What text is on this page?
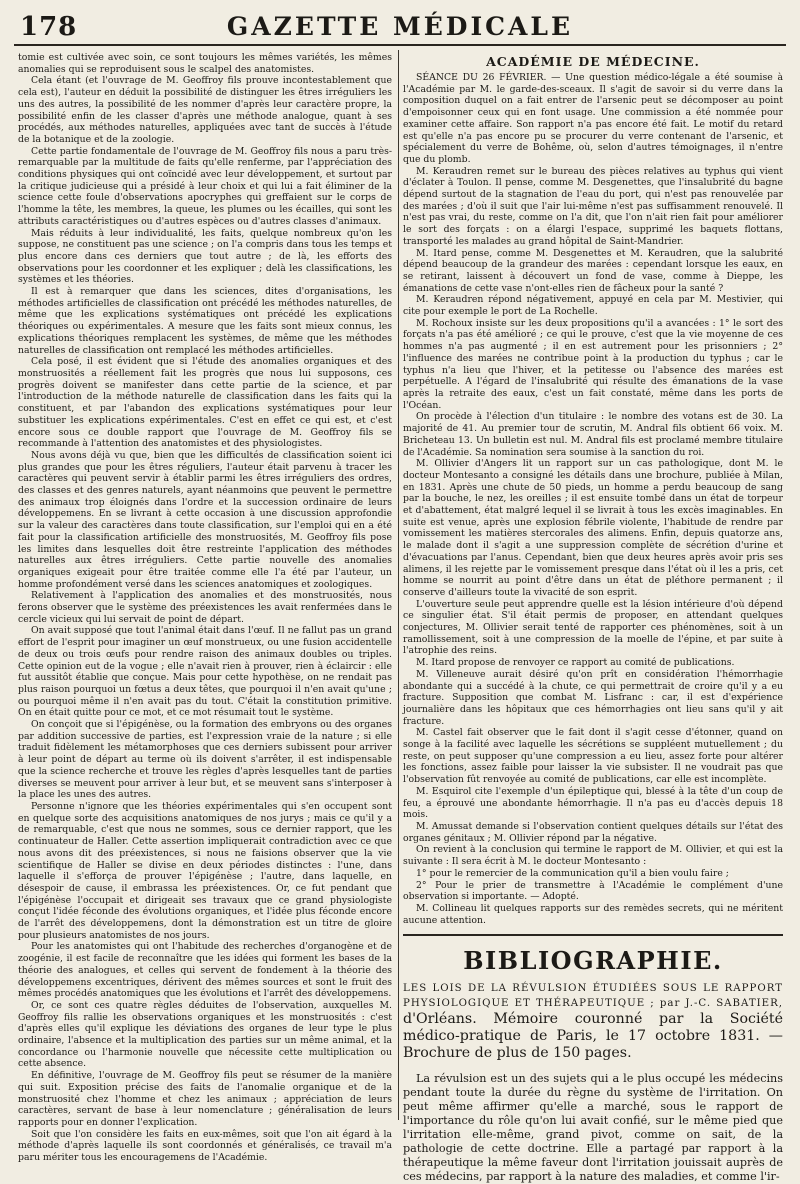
178	GAZETTE MÉDICALE

tomie est cultivée avec soin, ce sont toujours les mêmes variétés, les mêmes anomalies qui se reproduisent sous le scalpel des anatomistes.

Cela étant (et l'ouvrage de M. Geoffroy fils prouve incontestablement que cela est), l'auteur en déduit la possibilité de distinguer les êtres irréguliers les uns des autres, la possibilité de les nommer d'après leur caractère propre, la possibilité enfin de les classer d'après une méthode analogue, quant à ses procédés, aux méthodes naturelles, appliquées avec tant de succès à l'étude de la botanique et de la zoologie.

Cette partie fondamentale de l'ouvrage de M. Geoffroy fils nous a paru très-remarquable par la multitude de faits qu'elle renferme, par l'appréciation des conditions physiques qui ont coïncidé avec leur développement, et surtout par la critique judicieuse qui a présidé à leur choix et qui lui a fait éliminer de la science cette foule d'observations apocryphes qui greffaient sur le corps de l'homme la tête, les membres, la queue, les plumes ou les écailles, qui sont les attributs caractéristiques ou d'autres espèces ou d'autres classes d'animaux.

Mais réduits à leur individualité, les faits, quelque nombreux qu'on les suppose, ne constituent pas une science ; on l'a compris dans tous les temps et plus encore dans ces derniers que tout autre ; de là, les efforts des observations pour les coordonner et les expliquer ; delà les classifications, les systèmes et les théories.

Il est à remarquer que dans les sciences, dites d'organisations, les méthodes artificielles de classification ont précédé les méthodes naturelles, de même que les explications systématiques ont précédé les explications théoriques ou expérimentales. A mesure que les faits sont mieux connus, les explications théoriques remplacent les systèmes, de même que les méthodes naturelles de classification ont remplacé les méthodes artificielles.

Cela posé, il est évident que si l'étude des anomalies organiques et des monstruosités a réellement fait les progrès que nous lui supposons, ces progrès doivent se manifester dans cette partie de la science, et par l'introduction de la méthode naturelle de classification dans les faits qui la constituent, et par l'abandon des explications systématiques pour leur substituer les explications expérimentales. C'est en effet ce qui est, et c'est encore sous ce double rapport que l'ouvrage de M. Geoffroy fils se recommande à l'attention des anatomistes et des physiologistes.

Nous avons déjà vu que, bien que les difficultés de classification soient ici plus grandes que pour les êtres réguliers, l'auteur était parvenu à tracer les caractères qui peuvent servir à établir parmi les êtres irréguliers des ordres, des classes et des genres naturels, ayant néanmoins que peuvent le permettre des animaux trop éloignés dans l'ordre et la succession ordinaire de leurs développemens. En se livrant à cette occasion à une discussion approfondie sur la valeur des caractères dans toute classification, sur l'emploi qui en a été fait pour la classification artificielle des monstruosités, M. Geoffroy fils pose les limites dans lesquelles doit être restreinte l'application des méthodes naturelles aux êtres irréguliers. Cette partie nouvelle des anomalies organiques exigeait pour être traitée comme elle l'a été par l'auteur, un homme profondément versé dans les sciences anatomiques et zoologiques.

Relativement à l'application des anomalies et des monstruosités, nous ferons observer que le système des préexistences les avait renfermées dans le cercle vicieux qui lui servait de point de départ.

On avait supposé que tout l'animal était dans l'œuf. Il ne fallut pas un grand effort de l'esprit pour imaginer un œuf monstrueux, ou une fusion accidentelle de deux ou trois œufs pour rendre raison des animaux doubles ou triples. Cette opinion eut de la vogue ; elle n'avait rien à prouver, rien à éclaircir : elle fut aussitôt établie que conçue. Mais pour cette hypothèse, on ne rendait pas plus raison pourquoi un fœtus a deux têtes, que pourquoi il n'en avait qu'une ; ou pourquoi même il n'en avait pas du tout. C'était la constitution primitive. On en était quitte pour ce mot, et ce mot résumait tout le système.

On conçoit que si l'épigénèse, ou la formation des embryons ou des organes par addition successive de parties, est l'expression vraie de la nature ; si elle traduit fidèlement les métamorphoses que ces derniers subissent pour arriver à leur point de départ au terme où ils doivent s'arrêter, il est indispensable que la science recherche et trouve les règles d'après lesquelles tant de parties diverses se meuvent pour arriver à leur but, et se meuvent sans s'interposer à la place les unes des autres.

Personne n'ignore que les théories expérimentales qui s'en occupent sont en quelque sorte des acquisitions anatomiques de nos jurys ; mais ce qu'il y a de remarquable, c'est que nous ne sommes, sous ce dernier rapport, que les continuateur de Haller. Cette assertion impliquerait contradiction avec ce que nous avons dit des préexistences, si nous ne faisions observer que la vie scientifique de Haller se divise en deux périodes distinctes : l'une, dans laquelle il s'efforça de prouver l'épigénèse ; l'autre, dans laquelle, en désespoir de cause, il embrassa les préexistences. Or, ce fut pendant que l'épigénèse l'occupait et dirigeait ses travaux que ce grand physiologiste conçut l'idée féconde des évolutions organiques, et l'idée plus féconde encore de l'arrêt des développemens, dont la démonstration est un titre de gloire pour plusieurs anatomistes de nos jours.

Pour les anatomistes qui ont l'habitude des recherches d'organogène et de zoogénie, il est facile de reconnaître que les idées qui forment les bases de la théorie des analogues, et celles qui servent de fondement à la théorie des développemens excentriques, dérivent des mêmes sources et sont le fruit des mêmes procédés anatomiques que les évolutions et l'arrêt des développemens.

Or, ce sont ces quatre règles déduites de l'observation, auxquelles M. Geoffroy fils rallie les observations organiques et les monstruosités : c'est d'après elles qu'il explique les déviations des organes de leur type le plus ordinaire, l'absence et la multiplication des parties sur un même animal, et la concordance ou l'harmonie nouvelle que nécessite cette multiplication ou cette absence.

En définitive, l'ouvrage de M. Geoffroy fils peut se résumer de la manière qui suit. Exposition précise des faits de l'anomalie organique et de la monstruosité chez l'homme et chez les animaux ; appréciation de leurs caractères, servant de base à leur nomenclature ; généralisation de leurs rapports pour en donner l'explication.

Soit que l'on considère les faits en eux-mêmes, soit que l'on ait égard à la méthode d'après laquelle ils sont coordonnés et généralisés, ce travail m'a paru mériter tous les encouragemens de l'Académie.

ACADÉMIE DE MÉDECINE.

SÉANCE DU 26 FÉVRIER. — Une question médico-légale a été soumise à l'Académie par M. le garde-des-sceaux. Il s'agit de savoir si du verre dans la composition duquel on a fait entrer de l'arsenic peut se décomposer au point d'empoisonner ceux qui en font usage. Une commission a été nommée pour examiner cette affaire. Son rapport n'a pas encore été fait. Le motif du retard est qu'elle n'a pas encore pu se procurer du verre contenant de l'arsenic, et spécialement du verre de Bohême, où, selon d'autres témoignages, il n'entre que du plomb.

M. Keraudren remet sur le bureau des pièces relatives au typhus qui vient d'éclater à Toulon. Il pense, comme M. Desgenettes, que l'insalubrité du bagne dépend surtout de la stagnation de l'eau du port, qui n'est pas renouvelée par des marées ; d'où il suit que l'air lui-même n'est pas suffisamment renouvelé. Il n'est pas vrai, du reste, comme on l'a dit, que l'on n'ait rien fait pour améliorer le sort des forçats : on a élargi l'espace, supprimé les baquets flottans, transporté les malades au grand hôpital de Saint-Mandrier.

M. Itard pense, comme M. Desgenettes et M. Keraudren, que la salubrité dépend beaucoup de la grandeur des marées : cependant lorsque les eaux, en se retirant, laissent à découvert un fond de vase, comme à Dieppe, les émanations de cette vase n'ont-elles rien de fâcheux pour la santé ?

M. Keraudren répond négativement, appuyé en cela par M. Mestivier, qui cite pour exemple le port de La Rochelle.

M. Rochoux insiste sur les deux propositions qu'il a avancées : 1° le sort des forçats n'a pas été amélioré ; ce qui le prouve, c'est que la vie moyenne de ces hommes n'a pas augmenté ; il en est autrement pour les prisonniers ; 2° l'influence des marées ne contribue point à la production du typhus ; car le typhus n'a lieu que l'hiver, et la petitesse ou l'absence des marées est perpétuelle. A l'égard de l'insalubrité qui résulte des émanations de la vase après la retraite des eaux, c'est un fait constaté, même dans les ports de l'Océan.

On procède à l'élection d'un titulaire : le nombre des votans est de 30. La majorité de 41. Au premier tour de scrutin, M. Andral fils obtient 66 voix. M. Bricheteau 13. Un bulletin est nul. M. Andral fils est proclamé membre titulaire de l'Académie. Sa nomination sera soumise à la sanction du roi.

M. Ollivier d'Angers lit un rapport sur un cas pathologique, dont M. le docteur Montesanto a consigné les détails dans une brochure, publiée à Milan, en 1831. Après une chute de 50 pieds, un homme a perdu beaucoup de sang par la bouche, le nez, les oreilles ; il est ensuite tombé dans un état de torpeur et d'abattement, état malgré lequel il se livrait à tous les excès imaginables. En suite est venue, après une explosion fébrile violente, l'habitude de rendre par vomissement les matières stercorales des alimens. Enfin, depuis quatorze ans, le malade dont il s'agit a une suppression complète de sécrétion d'urine et d'évacuations par l'anus. Cependant, bien que deux heures après avoir pris ses alimens, il les rejette par le vomissement presque dans l'état où il les a pris, cet homme se nourrit au point d'être dans un état de pléthore permanent ; il conserve d'ailleurs toute la vivacité de son esprit.

L'ouverture seule peut apprendre quelle est la lésion intérieure d'où dépend ce singulier état. S'il était permis de proposer, en attendant quelques conjectures, M. Ollivier serait tenté de rapporter ces phénomènes, soit à un ramollissement, soit à une compression de la moelle de l'épine, et par suite à l'atrophie des reins.

M. Itard propose de renvoyer ce rapport au comité de publications.

M. Villeneuve aurait désiré qu'on prît en considération l'hémorrhagie abondante qui a succédé à la chute, ce qui permettrait de croire qu'il y a eu fracture. Supposition que combat M. Lisfranc : car, il est d'expérience journalière dans les hôpitaux que ces hémorrhagies ont lieu sans qu'il y ait fracture.

M. Castel fait observer que le fait dont il s'agit cesse d'étonner, quand on songe à la facilité avec laquelle les sécrétions se suppléent mutuellement ; du reste, on peut supposer qu'une compression a eu lieu, assez forte pour altérer les fonctions, assez faible pour laisser la vie subsister. Il ne voudrait pas que l'observation fût renvoyée au comité de publications, car elle est incomplète.

M. Esquirol cite l'exemple d'un épileptique qui, blessé à la tête d'un coup de feu, a éprouvé une abondante hémorrhagie. Il n'a pas eu d'accès depuis 18 mois.

M. Amussat demande si l'observation contient quelques détails sur l'état des organes génitaux ; M. Ollivier répond par la négative.

On revient à la conclusion qui termine le rapport de M. Ollivier, et qui est la suivante : Il sera écrit à M. le docteur Montesanto :

1° pour le remercier de la communication qu'il a bien voulu faire ;

2° Pour le prier de transmettre à l'Académie le complément d'une observation si importante. — Adopté.

M. Collineau lit quelques rapports sur des remèdes secrets, qui ne méritent aucune attention.

BIBLIOGRAPHIE.

LES LOIS DE LA RÉVULSION ÉTUDIÉES SOUS LE RAPPORT PHYSIOLOGIQUE ET THÉRAPEUTIQUE ; par J.-C. SABATIER, d'Orléans. Mémoire couronné par la Société médico-pratique de Paris, le 17 octobre 1831. — Brochure de plus de 150 pages.

La révulsion est un des sujets qui a le plus occupé les médecins pendant toute la durée du règne du système de l'irritation. On peut même affirmer qu'elle a marché, sous le rapport de l'importance du rôle qu'on lui avait confié, sur le même pied que l'irritation elle-même, grand pivot, comme on sait, de la pathologie de cette doctrine. Elle a partagé par rapport à la thérapeutique la même faveur dont l'irritation jouissait auprès de ces médecins, par rapport à la nature des maladies, et comme l'ir-
